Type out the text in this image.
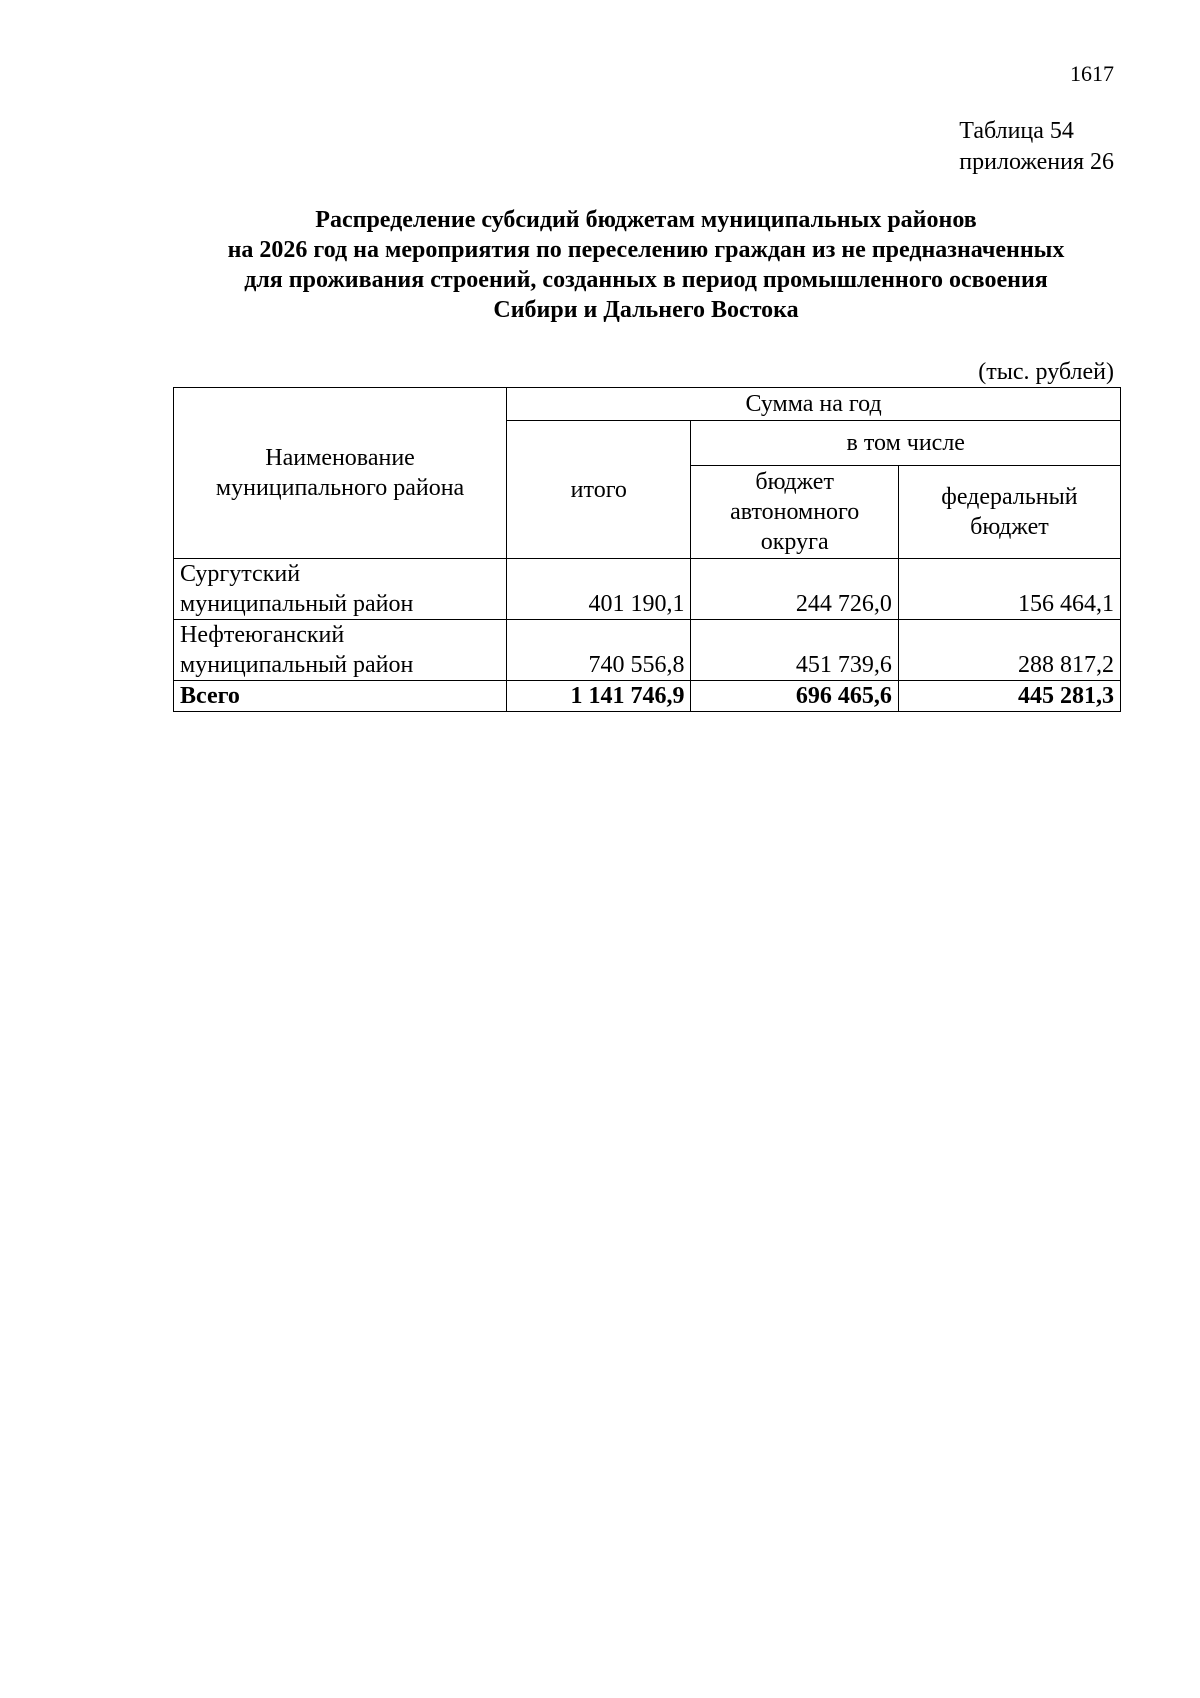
1617
Таблица 54
приложения 26
Распределение субсидий бюджетам муниципальных районов
на 2026 год на мероприятия по переселению граждан из не предназначенных
для проживания строений, созданных в период промышленного освоения
Сибири и Дальнего Востока
(тыс. рублей)
Наименование муниципального района	Сумма на год		
	итого	в том числе	
		бюджет автономного округа	федеральный бюджет

Сургутский
муниципальный район	401 190,1	244 726,0	156 464,1

Нефтеюганский
муниципальный район	740 556,8	451 739,6	288 817,2
Всего	1 141 746,9	696 465,6	445 281,3
